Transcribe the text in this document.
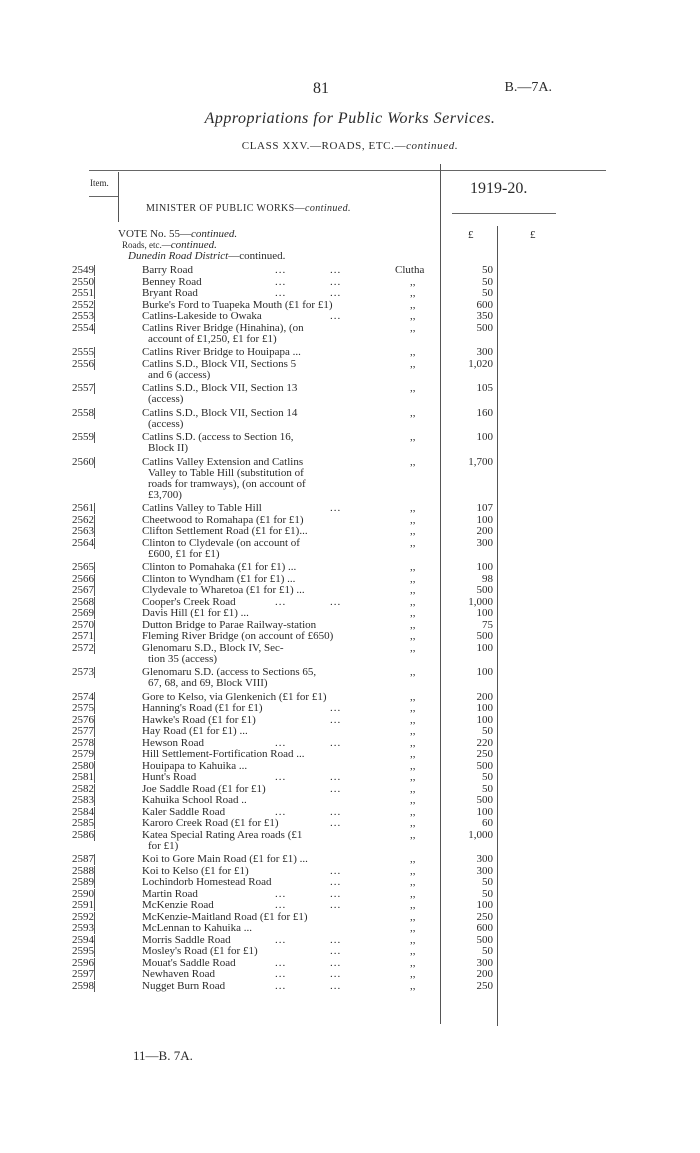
81	B.—7A.
Appropriations for Public Works Services.
CLASS XXV.—ROADS, ETC.—continued.
Item.	1919-20.
MINISTER OF PUBLIC WORKS—continued.
VOTE No. 55—continued.	£	£
Roads, etc.—continued.
Dunedin Road District—continued.
2549	Barry Road	...	...	Clutha	50
2550	Benney Road	...	...	,,	50
2551	Bryant Road	...	...	,,	50
2552	Burke's Ford to Tuapeka Mouth (£1 for £1)	,,	600
2553	Catlins-Lakeside to Owaka	...	,,	350
2554	Catlins River Bridge (Hinahina), (on
account of £1,250, £1 for £1)
,,	500
2555	Catlins River Bridge to Houipapa ...	,,	300
2556	Catlins S.D., Block VII, Sections 5
and 6 (access)
,,	1,020
2557	Catlins S.D., Block VII, Section 13
(access)
,,	105
2558	Catlins S.D., Block VII, Section 14
(access)
,,	160
2559	Catlins S.D. (access to Section 16,
Block II)
,,	100
2560	Catlins Valley Extension and Catlins
Valley to Table Hill (substitution of
roads for tramways), (on account of
£3,700)
,,	1,700
2561	Catlins Valley to Table Hill	...	,,	107
2562	Cheetwood to Romahapa (£1 for £1)	,,	100
2563	Clifton Settlement Road (£1 for £1)...	,,	200
2564	Clinton to Clydevale (on account of
£600, £1 for £1)
,,	300
2565	Clinton to Pomahaka (£1 for £1) ...	,,	100
2566	Clinton to Wyndham (£1 for £1) ...	,,	98
2567	Clydevale to Wharetoa (£1 for £1) ...	,,	500
2568	Cooper's Creek Road	...	...	,,	1,000
2569	Davis Hill (£1 for £1) ...	,,	100
2570	Dutton Bridge to Parae Railway-station	,,	75
2571	Fleming River Bridge (on account of £650)	,,	500
2572	Glenomaru S.D., Block IV, Sec-
tion 35 (access)
,,	100
2573	Glenomaru S.D. (access to Sections 65,
67, 68, and 69, Block VIII)
,,	100
2574	Gore to Kelso, via Glenkenich (£1 for £1)	,,	200
2575	Hanning's Road (£1 for £1)	...	,,	100
2576	Hawke's Road (£1 for £1)	...	,,	100
2577	Hay Road (£1 for £1) ...	,,	50
2578	Hewson Road	...	...	,,	220
2579	Hill Settlement-Fortification Road ...	,,	250
2580	Houipapa to Kahuika ...	,,	500
2581	Hunt's Road	...	...	,,	50
2582	Joe Saddle Road (£1 for £1)	...	,,	50
2583	Kahuika School Road ..	,,	500
2584	Kaler Saddle Road	...	...	,,	100
2585	Karoro Creek Road (£1 for £1)	...	,,	60
2586	Katea Special Rating Area roads (£1
for £1)
,,	1,000
2587	Koi to Gore Main Road (£1 for £1) ...	,,	300
2588	Koi to Kelso (£1 for £1)	...	,,	300
2589	Lochindorb Homestead Road	...	,,	50
2590	Martin Road	...	...	,,	50
2591	McKenzie Road	...	...	,,	100
2592	McKenzie-Maitland Road (£1 for £1)	,,	250
2593	McLennan to Kahuika ...	,,	600
2594	Morris Saddle Road	...	...	,,	500
2595	Mosley's Road (£1 for £1)	...	,,	50
2596	Mouat's Saddle Road	...	...	,,	300
2597	Newhaven Road	...	...	,,	200
2598	Nugget Burn Road	...	...	,,	250
11—B. 7A.
